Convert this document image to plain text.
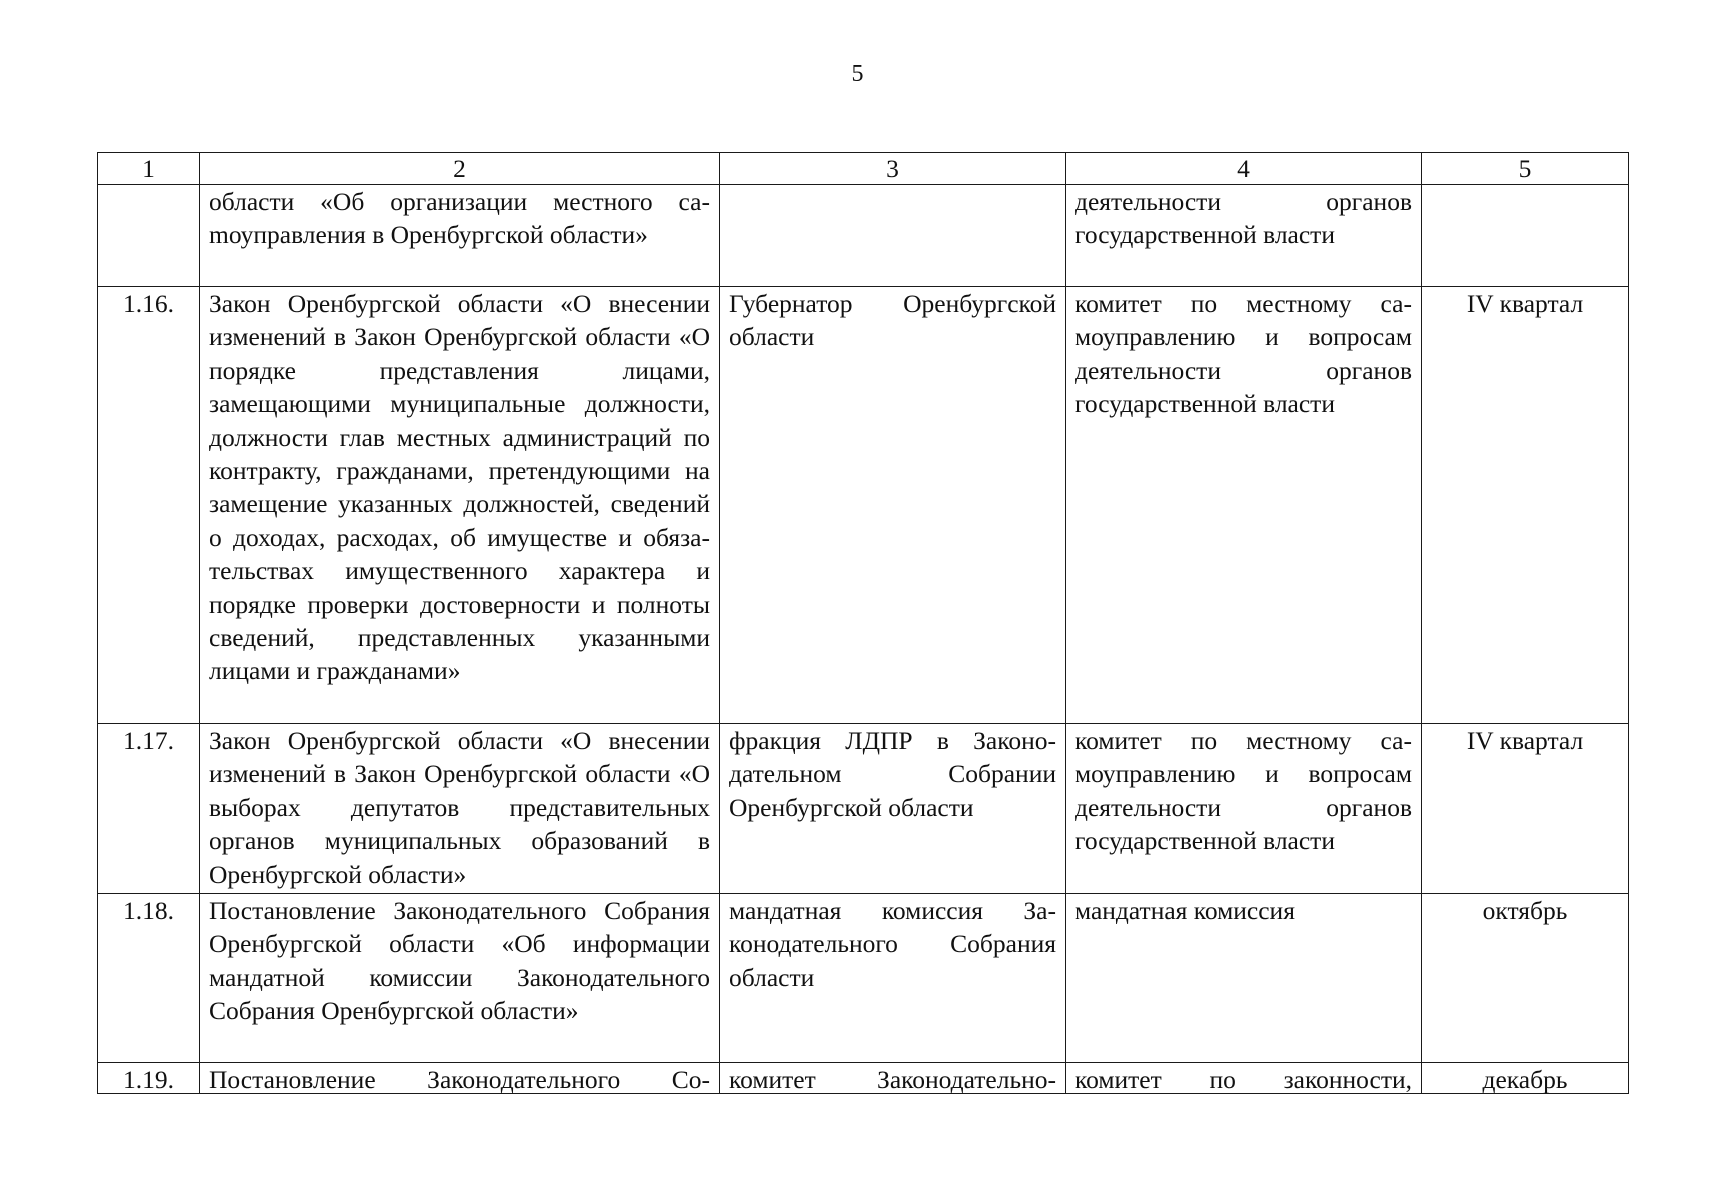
5
1	2	3	4	5
	области «Об организации местного саmоуправления в Оренбургской области»		деятельности органов государственной власти	
1.16.	Закон Оренбургской области «О внесении изменений в Закон Оренбургской области «О порядке представления лицами, замещающими муниципальные должности, должности глав местных администраций по контракту, гражданами, претендующими на замещение указанных должностей, сведений о доходах, расходах, об имуществе и обязательствах имущественного характера и порядке проверки достоверности и полноты сведений, представленных указанными лицами и гражданами»	Губернатор Оренбургской области	комитет по местному самоуправлению и вопросам деятельности органов государственной власти	IV квартал
1.17.	Закон Оренбургской области «О внесении изменений в Закон Оренбургской области «О выборах депутатов представительных органов муниципальных образований в Оренбургской области»	фракция ЛДПР в Законодательном Собрании Оренбургской области	комитет по местному самоуправлению и вопросам деятельности органов государственной власти	IV квартал
1.18.	Постановление Законодательного Собрания Оренбургской области «Об информации мандатной комиссии Законодательного Собрания Оренбургской области»	мандатная комиссия Законодательного Собрания области	мандатная комиссия	октябрь

1.19.	Постановление Законодательного Со-	комитет Законодательно-	комитет по законности,	декабрь
